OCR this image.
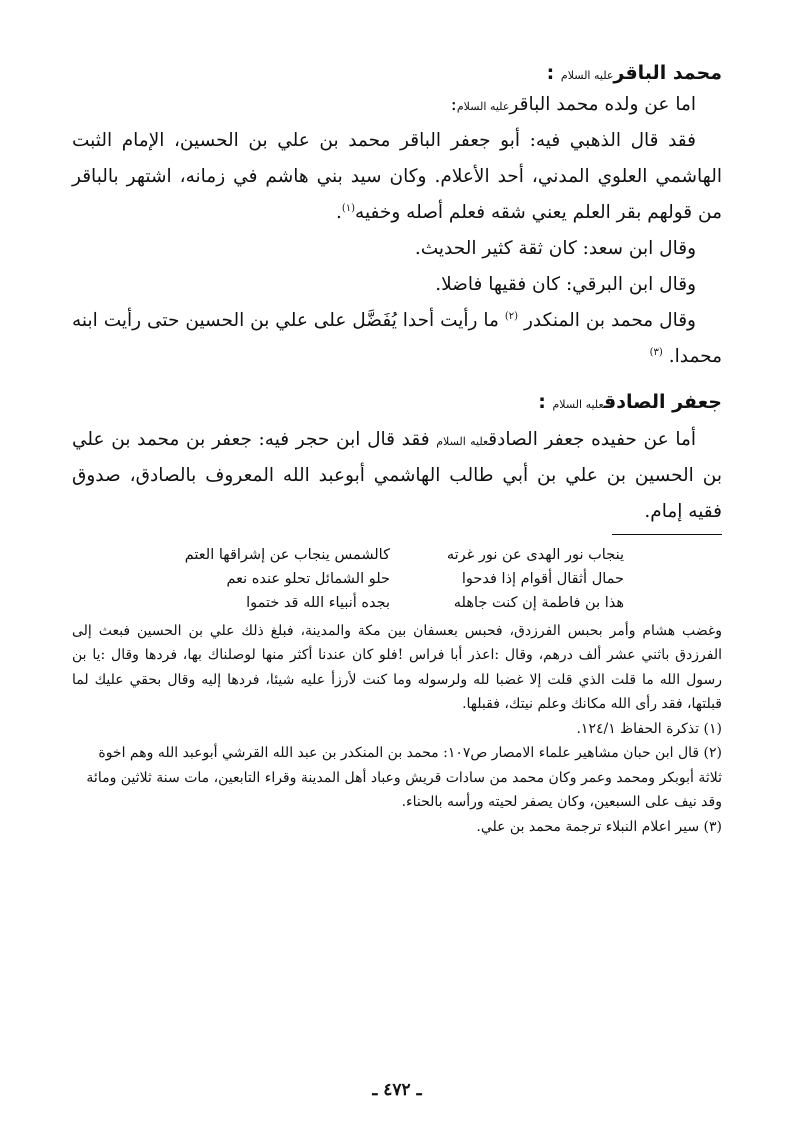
محمد الباقرعليه السلام :

اما عن ولده محمد الباقرعليه السلام:

فقد قال الذهبي فيه: أبو جعفر الباقر محمد بن علي بن الحسين، الإمام الثبت الهاشمي العلوي المدني، أحد الأعلام. وكان سيد بني هاشم في زمانه، اشتهر بالباقر من قولهم بقر العلم يعني شقه فعلم أصله وخفيه$^{(١)}$.

وقال ابن سعد: كان ثقة كثير الحديث.

وقال ابن البرقي: كان فقيها فاضلا.

وقال محمد بن المنكدر $^{(٢)}$ ما رأيت أحدا يُفَضَّل على علي بن الحسين حتى رأيت ابنه محمدا. $^{(٣)}$

جعفر الصادقعليه السلام :

أما عن حفيده جعفر الصادقعليه السلام فقد قال ابن حجر فيه: جعفر بن محمد بن علي بن الحسين بن علي بن أبي طالب الهاشمي أبوعبد الله المعروف بالصادق، صدوق فقيه إمام.

ينجاب نور الهدى عن نور غرته	كالشمس ينجاب عن إشراقها العتم
حمال أثقال أقوام إذا فدحوا	حلو الشمائل تحلو عنده نعم
هذا بن فاطمة إن كنت جاهله	بجده أنبياء الله قد ختموا

وغضب هشام وأمر بحبس الفرزدق، فحبس بعسفان بين مكة والمدينة، فبلغ ذلك علي بن الحسين فبعث إلى الفرزدق باثني عشر ألف درهم، وقال :اعذر أبا فراس !فلو كان عندنا أكثر منها لوصلناك بها، فردها وقال :يا بن رسول الله ما قلت الذي قلت إلا غضبا لله ولرسوله وما كنت لأرزأ عليه شيئا، فردها إليه وقال بحقي عليك لما قبلتها، فقد رأى الله مكانك وعلم نيتك، فقبلها.

(١) تذكرة الحفاظ ١٢٤/١.

(٢) قال ابن حبان مشاهير علماء الامصار ص١٠٧: محمد بن المنكدر بن عبد الله القرشي أبوعبد الله وهم اخوة ثلاثة أبوبكر ومحمد وعمر وكان محمد من سادات قريش وعباد أهل المدينة وقراء التابعين، مات سنة ثلاثين ومائة وقد نيف على السبعين، وكان يصفر لحيته ورأسه بالحناء.

(٣) سير اعلام النبلاء ترجمة محمد بن علي.

ـ ٤٧٢ ـ
